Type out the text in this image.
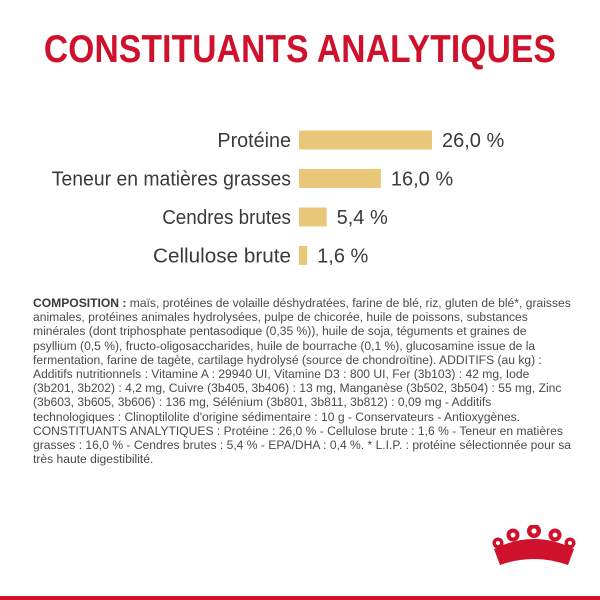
CONSTITUANTS ANALYTIQUES
Protéine	26,0 %
Teneur en matières grasses	16,0 %
Cendres brutes 5,4 %
Cellulose brute 1,6 %
COMPOSITION : maïs, protéines de volaille déshydratées, farine de blé, riz, gluten de blé*, graisses animales, protéines animales hydrolysées, pulpe de chicorée, huile de poissons, substances minérales (dont triphosphate pentasodique (0,35 %)), huile de soja, téguments et graines de psyllium (0,5 %), fructo-oligosaccharides, huile de bourrache (0,1 %), glucosamine issue de la fermentation, farine de tagète, cartilage hydrolysé (source de chondroïtine). ADDITIFS (au kg) : Additifs nutritionnels : Vitamine A : 29940 UI, Vitamine D3 : 800 UI, Fer (3b103) : 42 mg, Iode (3b201, 3b202) : 4,2 mg, Cuivre (3b405, 3b406) : 13 mg, Manganèse (3b502, 3b504) : 55 mg, Zinc (3b603, 3b605, 3b606) : 136 mg, Sélénium (3b801, 3b811, 3b812) : 0,09 mg - Additifs technologiques : Clinoptilolite d'origine sédimentaire : 10 g - Conservateurs - Antioxygènes. CONSTITUANTS ANALYTIQUES : Protéine : 26,0 % - Cellulose brute : 1,6 % - Teneur en matières grasses : 16,0 % - Cendres brutes : 5,4 % - EPA/DHA : 0,4 %. * L.I.P. : protéine sélectionnée pour sa très haute digestibilité.
